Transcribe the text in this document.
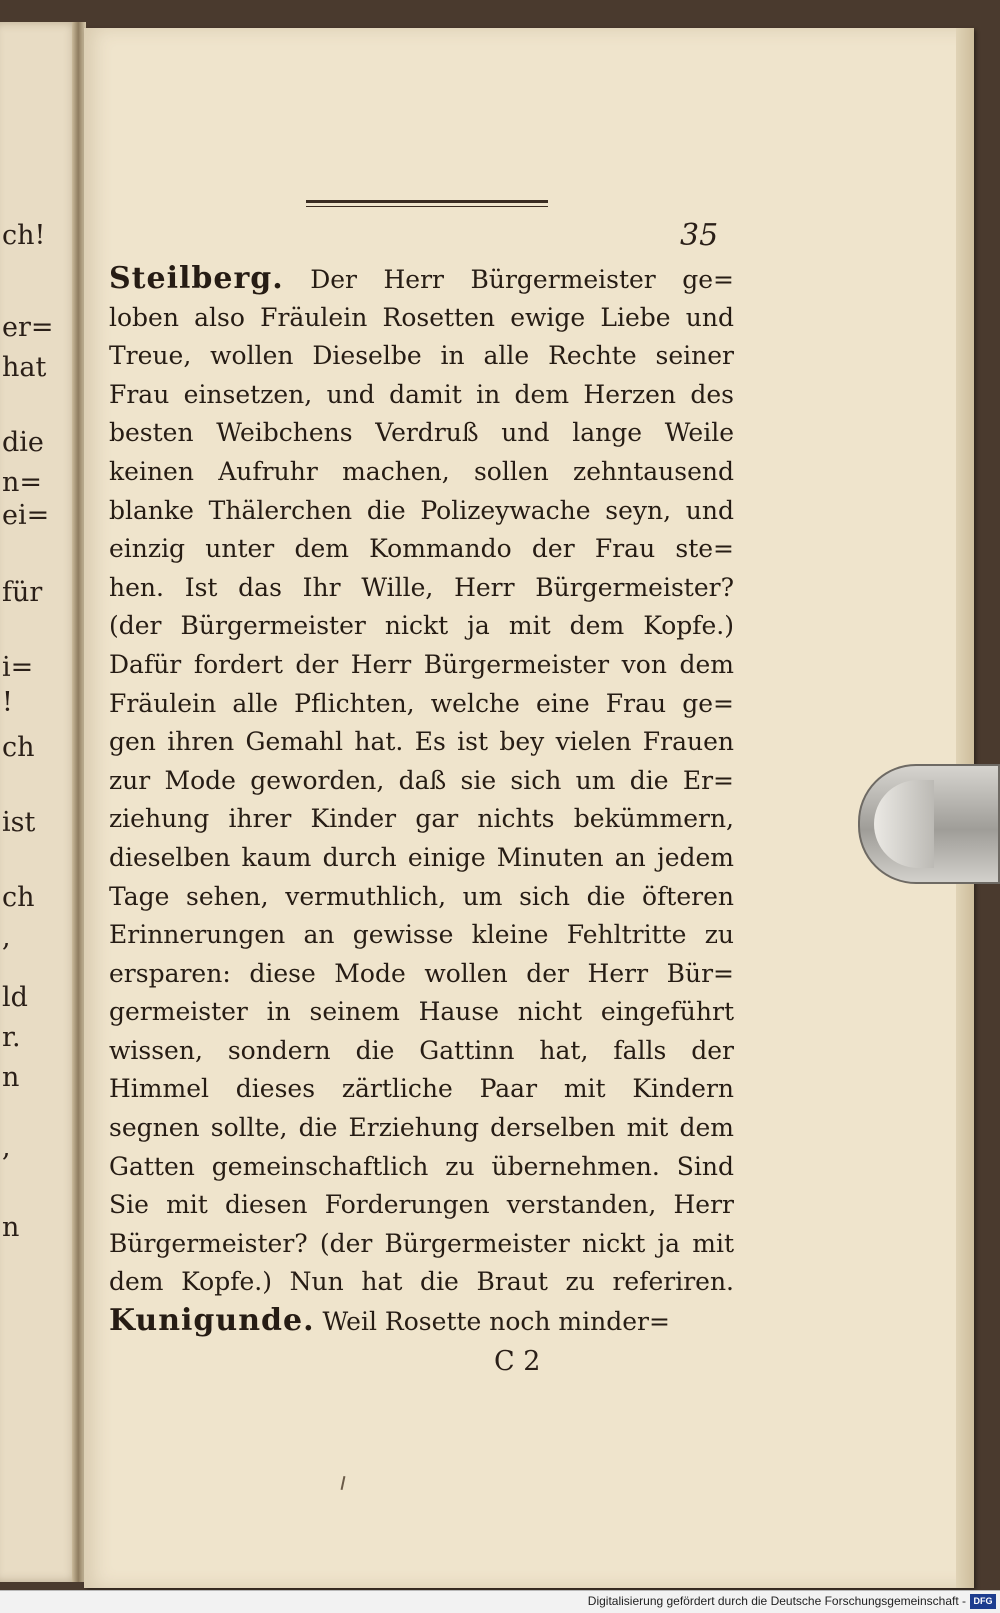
ch!
er=
hat
die
n=
ei=
für
i=
!
ch
ist
ch
,
ld
r.
n
,
n
35
Steilberg. Der Herr Bürgermeister ge=
loben also Fräulein Rosetten ewige Liebe und
Treue, wollen Dieselbe in alle Rechte seiner
Frau einsetzen, und damit in dem Herzen des
besten Weibchens Verdruß und lange Weile
keinen Aufruhr machen, sollen zehntausend
blanke Thälerchen die Polizeywache seyn, und
einzig unter dem Kommando der Frau ste=
hen. Ist das Ihr Wille, Herr Bürgermeister?
(der Bürgermeister nickt ja mit dem Kopfe.)
Dafür fordert der Herr Bürgermeister von dem
Fräulein alle Pflichten, welche eine Frau ge=
gen ihren Gemahl hat. Es ist bey vielen Frauen
zur Mode geworden, daß sie sich um die Er=
ziehung ihrer Kinder gar nichts bekümmern,
dieselben kaum durch einige Minuten an jedem
Tage sehen, vermuthlich, um sich die öfteren
Erinnerungen an gewisse kleine Fehltritte zu
ersparen: diese Mode wollen der Herr Bür=
germeister in seinem Hause nicht eingeführt
wissen, sondern die Gattinn hat, falls der
Himmel dieses zärtliche Paar mit Kindern
segnen sollte, die Erziehung derselben mit dem
Gatten gemeinschaftlich zu übernehmen. Sind
Sie mit diesen Forderungen verstanden, Herr
Bürgermeister? (der Bürgermeister nickt ja mit
dem Kopfe.) Nun hat die Braut zu referiren.
Kunigunde. Weil Rosette noch minder=
C 2
Digitalisierung gefördert durch die Deutsche Forschungsgemeinschaft - DFG
